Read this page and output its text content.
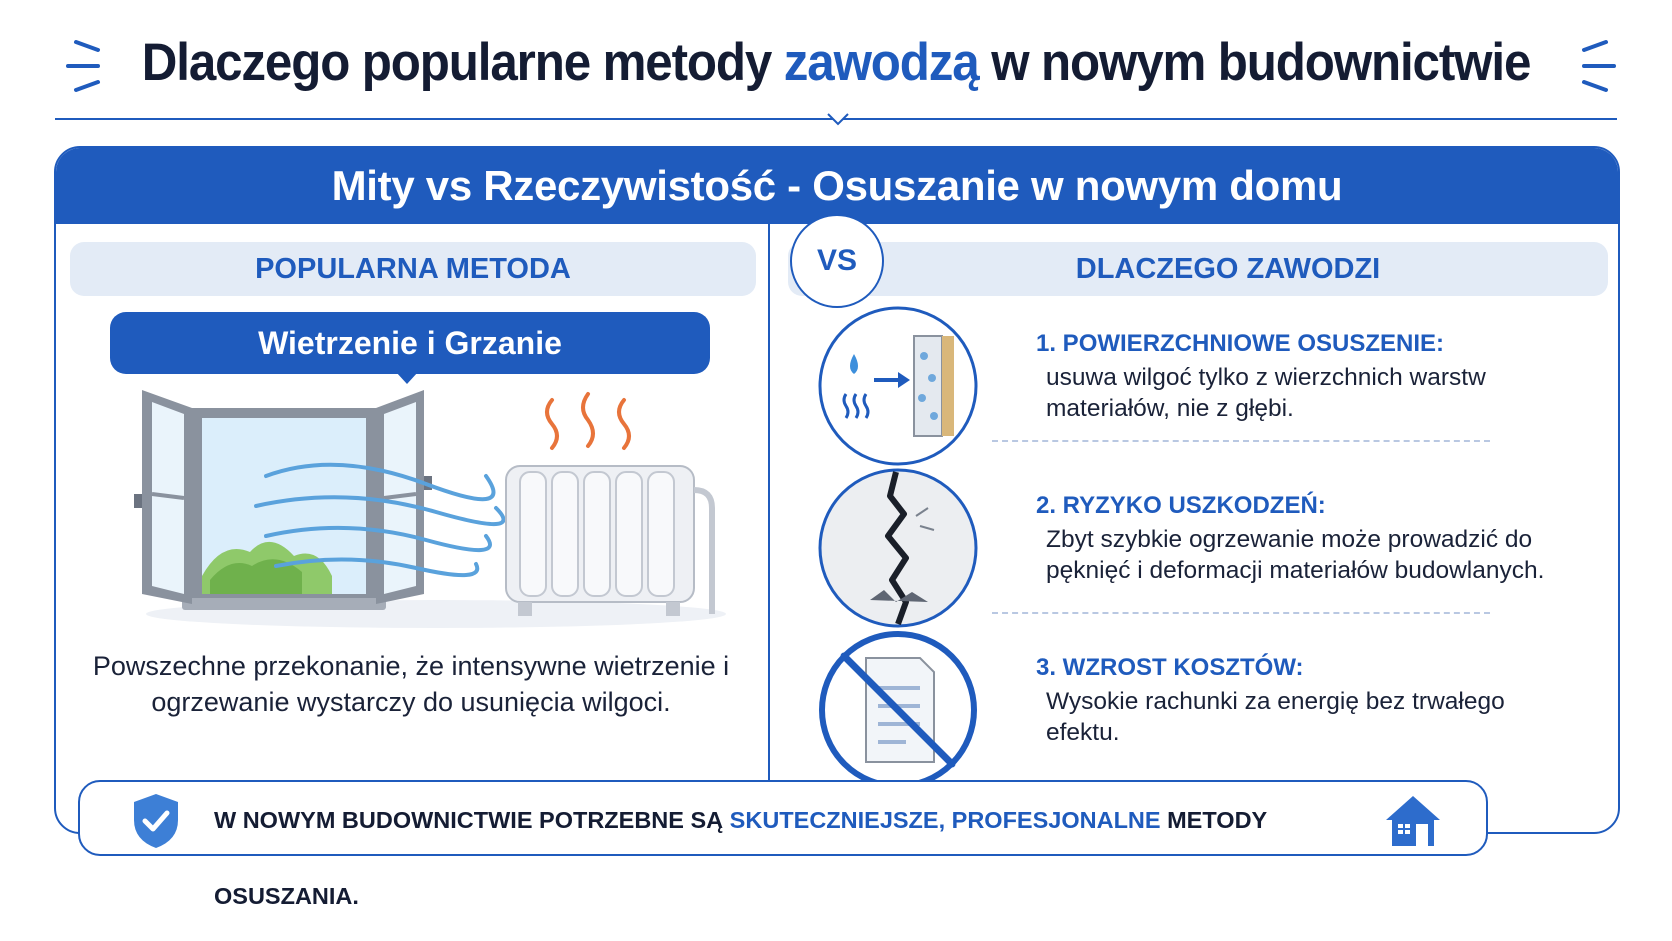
Dlaczego popularne metody zawodzą w nowym budownictwie
Mity vs Rzeczywistość - Osuszanie w nowym domu
POPULARNA METODA	DLACZEGO ZAWODZI
VS
Wietrzenie i Grzanie

Powszechne przekonanie, że intensywne wietrzenie i ogrzewanie wystarczy do usunięcia wilgoci.

1. POWIERZCHNIOWE OSUSZENIE:
usuwa wilgoć tylko z wierzchnich warstw materiałów, nie z głębi.
2. RYZYKO USZKODZEŃ:
Zbyt szybkie ogrzewanie może prowadzić do pęknięć i deformacji materiałów budowlanych.
3. WZROST KOSZTÓW:
Wysokie rachunki za energię bez trwałego efektu.
W NOWYM BUDOWNICTWIE POTRZEBNE SĄ SKUTECZNIEJSZE, PROFESJONALNE METODY OSUSZANIA.
